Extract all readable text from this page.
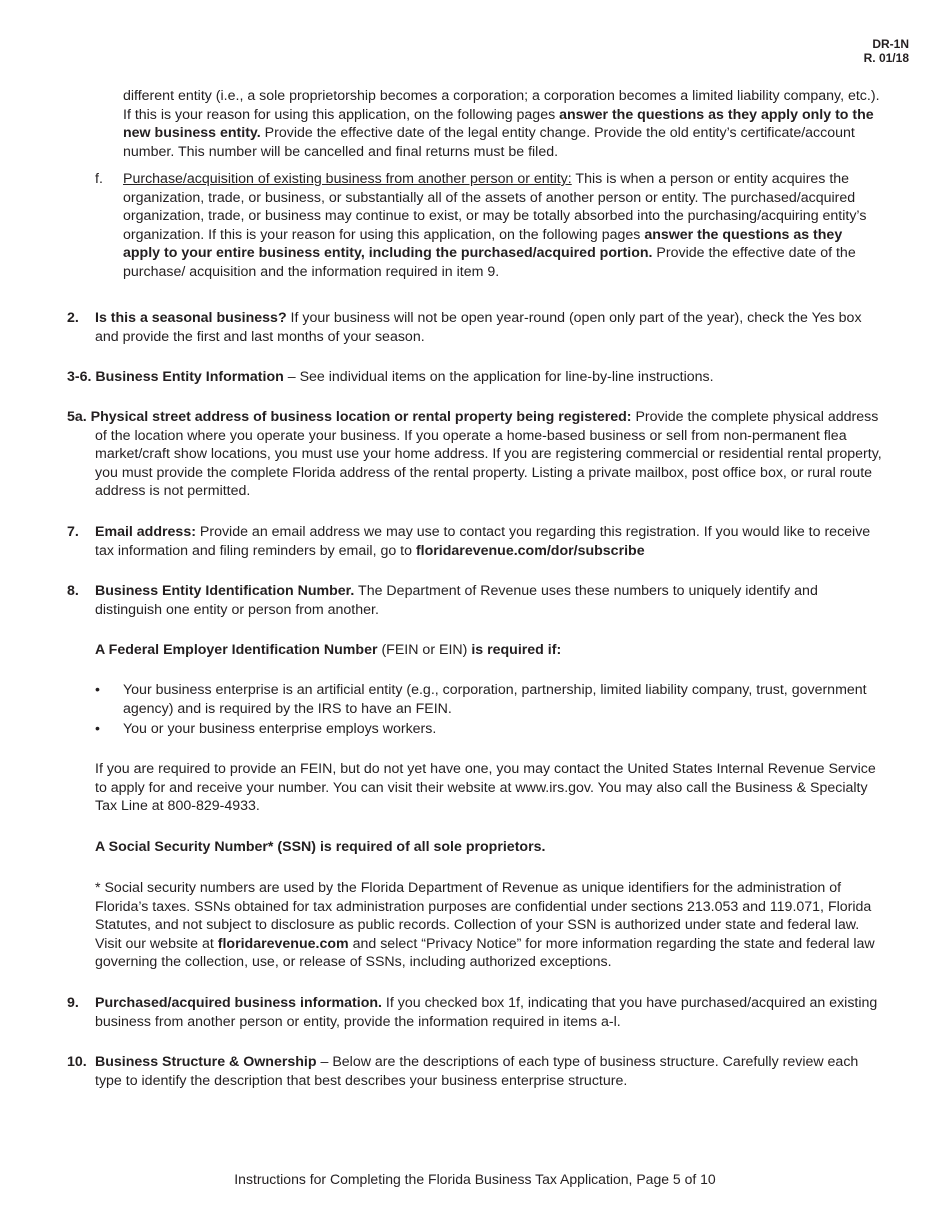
DR-1N
R. 01/18

different entity (i.e., a sole proprietorship becomes a corporation; a corporation becomes a limited liability company, etc.). If this is your reason for using this application, on the following pages answer the questions as they apply only to the new business entity. Provide the effective date of the legal entity change. Provide the old entity’s certificate/account number. This number will be cancelled and final returns must be filed.

f. Purchase/acquisition of existing business from another person or entity: This is when a person or entity acquires the organization, trade, or business, or substantially all of the assets of another person or entity. The purchased/acquired organization, trade, or business may continue to exist, or may be totally absorbed into the purchasing/acquiring entity’s organization. If this is your reason for using this application, on the following pages answer the questions as they apply to your entire business entity, including the purchased/acquired portion. Provide the effective date of the purchase/ acquisition and the information required in item 9.

2. Is this a seasonal business? If your business will not be open year-round (open only part of the year), check the Yes box and provide the first and last months of your season.

3-6. Business Entity Information – See individual items on the application for line-by-line instructions.

5a. Physical street address of business location or rental property being registered: Provide the complete physical address of the location where you operate your business. If you operate a home-based business or sell from non-permanent flea market/craft show locations, you must use your home address. If you are registering commercial or residential rental property, you must provide the complete Florida address of the rental property. Listing a private mailbox, post office box, or rural route address is not permitted.

7. Email address: Provide an email address we may use to contact you regarding this registration. If you would like to receive tax information and filing reminders by email, go to floridarevenue.com/dor/subscribe

8. Business Entity Identification Number. The Department of Revenue uses these numbers to uniquely identify and distinguish one entity or person from another.

A Federal Employer Identification Number (FEIN or EIN) is required if:

• Your business enterprise is an artificial entity (e.g., corporation, partnership, limited liability company, trust, government agency) and is required by the IRS to have an FEIN.

• You or your business enterprise employs workers.

If you are required to provide an FEIN, but do not yet have one, you may contact the United States Internal Revenue Service to apply for and receive your number. You can visit their website at www.irs.gov. You may also call the Business & Specialty Tax Line at 800-829-4933.

A Social Security Number* (SSN) is required of all sole proprietors.

* Social security numbers are used by the Florida Department of Revenue as unique identifiers for the administration of Florida’s taxes. SSNs obtained for tax administration purposes are confidential under sections 213.053 and 119.071, Florida Statutes, and not subject to disclosure as public records. Collection of your SSN is authorized under state and federal law. Visit our website at floridarevenue.com and select “Privacy Notice” for more information regarding the state and federal law governing the collection, use, or release of SSNs, including authorized exceptions.

9. Purchased/acquired business information. If you checked box 1f, indicating that you have purchased/acquired an existing business from another person or entity, provide the information required in items a-l.

10. Business Structure & Ownership – Below are the descriptions of each type of business structure. Carefully review each type to identify the description that best describes your business enterprise structure.

Instructions for Completing the Florida Business Tax Application, Page 5 of 10
